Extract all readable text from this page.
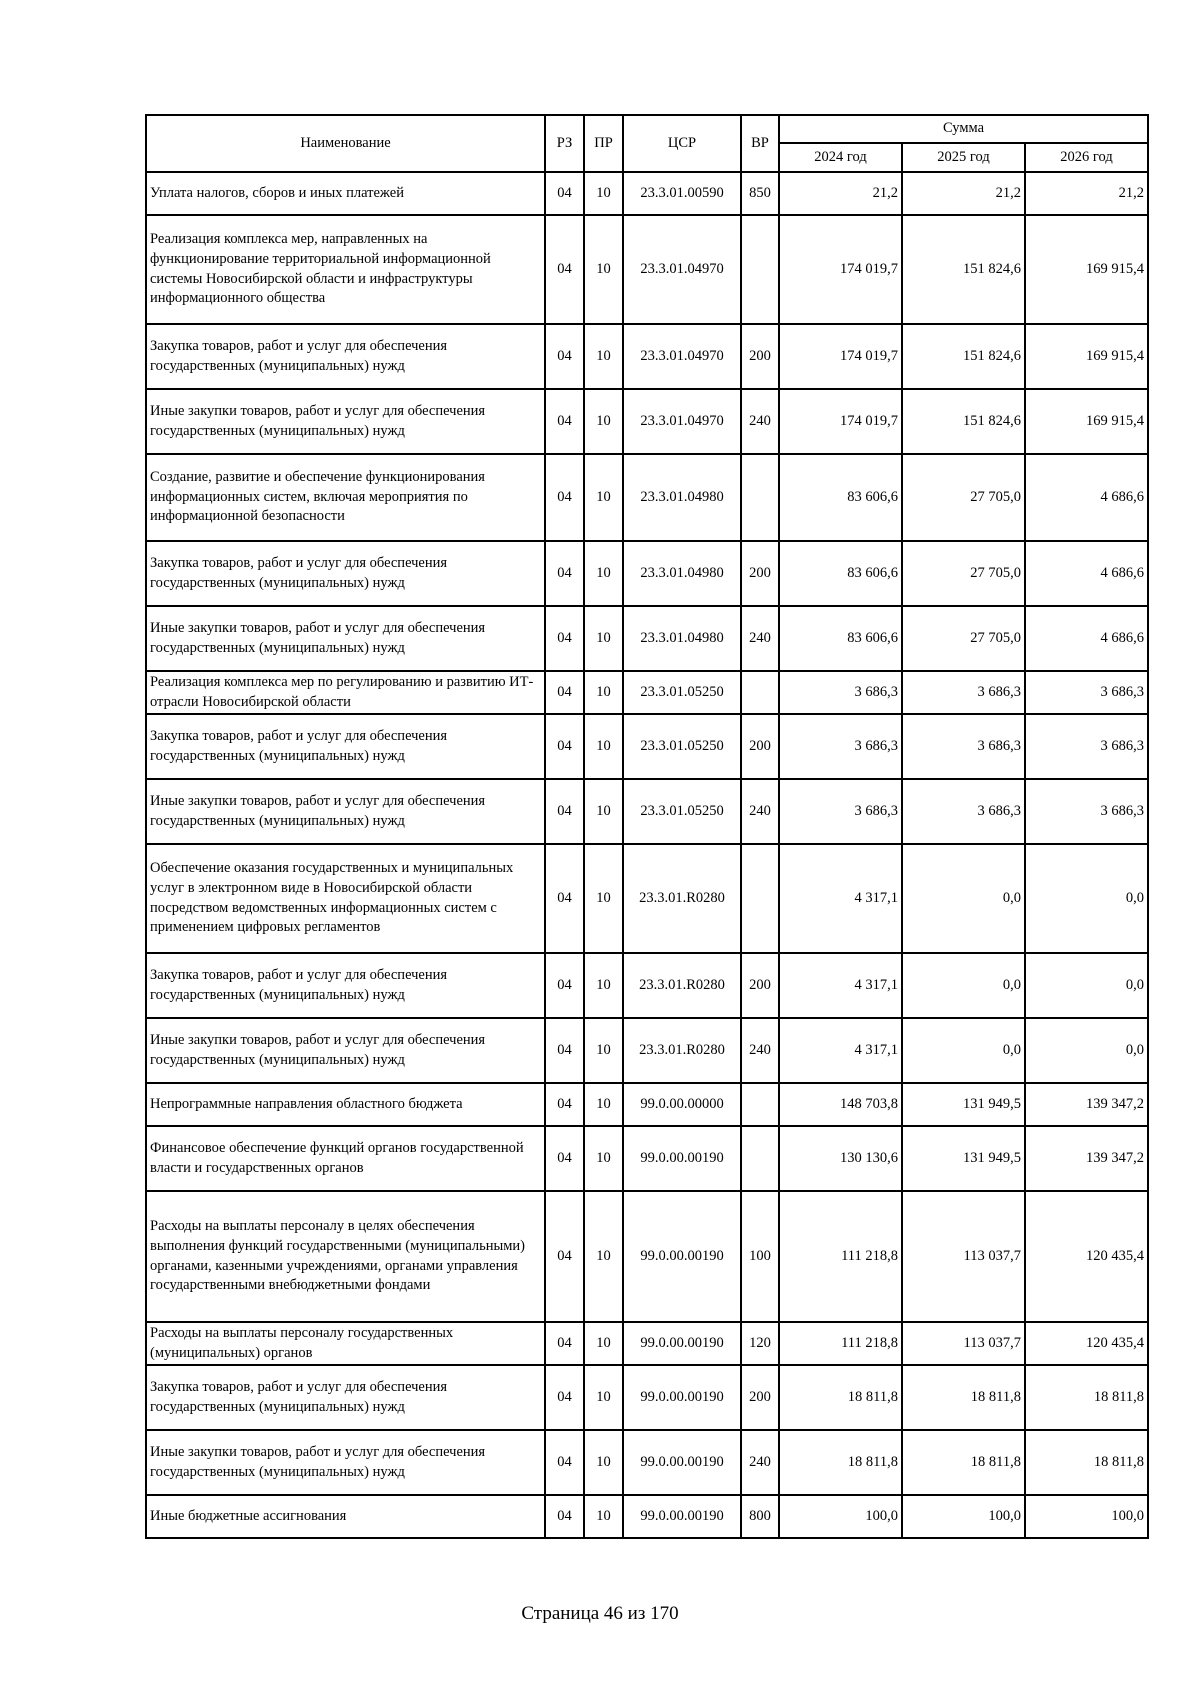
Наименование	РЗ	ПР	ЦСР	ВР	Сумма		
					2024 год	2025 год	2026 год
Уплата налогов, сборов и иных платежей	04	10	23.3.01.00590	850	21,2	21,2	21,2
Реализация комплекса мер, направленных на функционирование территориальной информационной системы Новосибирской области и инфраструктуры информационного общества	04	10	23.3.01.04970		174 019,7	151 824,6	169 915,4
Закупка товаров, работ и услуг для обеспечения государственных (муниципальных) нужд	04	10	23.3.01.04970	200	174 019,7	151 824,6	169 915,4
Иные закупки товаров, работ и услуг для обеспечения государственных (муниципальных) нужд	04	10	23.3.01.04970	240	174 019,7	151 824,6	169 915,4
Создание, развитие и обеспечение функционирования информационных систем, включая мероприятия по информационной безопасности	04	10	23.3.01.04980		83 606,6	27 705,0	4 686,6
Закупка товаров, работ и услуг для обеспечения государственных (муниципальных) нужд	04	10	23.3.01.04980	200	83 606,6	27 705,0	4 686,6
Иные закупки товаров, работ и услуг для обеспечения государственных (муниципальных) нужд	04	10	23.3.01.04980	240	83 606,6	27 705,0	4 686,6
Реализация комплекса мер по регулированию и развитию ИТ-отрасли Новосибирской области	04	10	23.3.01.05250		3 686,3	3 686,3	3 686,3
Закупка товаров, работ и услуг для обеспечения государственных (муниципальных) нужд	04	10	23.3.01.05250	200	3 686,3	3 686,3	3 686,3
Иные закупки товаров, работ и услуг для обеспечения государственных (муниципальных) нужд	04	10	23.3.01.05250	240	3 686,3	3 686,3	3 686,3
Обеспечение оказания государственных и муниципальных услуг в электронном виде в Новосибирской области посредством ведомственных информационных систем с применением цифровых регламентов	04	10	23.3.01.R0280		4 317,1	0,0	0,0
Закупка товаров, работ и услуг для обеспечения государственных (муниципальных) нужд	04	10	23.3.01.R0280	200	4 317,1	0,0	0,0
Иные закупки товаров, работ и услуг для обеспечения государственных (муниципальных) нужд	04	10	23.3.01.R0280	240	4 317,1	0,0	0,0
Непрограммные направления областного бюджета	04	10	99.0.00.00000		148 703,8	131 949,5	139 347,2
Финансовое обеспечение функций органов государственной власти и государственных органов	04	10	99.0.00.00190		130 130,6	131 949,5	139 347,2
Расходы на выплаты персоналу в целях обеспечения выполнения функций государственными (муниципальными) органами, казенными учреждениями, органами управления государственными внебюджетными фондами	04	10	99.0.00.00190	100	111 218,8	113 037,7	120 435,4
Расходы на выплаты персоналу государственных (муниципальных) органов	04	10	99.0.00.00190	120	111 218,8	113 037,7	120 435,4
Закупка товаров, работ и услуг для обеспечения государственных (муниципальных) нужд	04	10	99.0.00.00190	200	18 811,8	18 811,8	18 811,8
Иные закупки товаров, работ и услуг для обеспечения государственных (муниципальных) нужд	04	10	99.0.00.00190	240	18 811,8	18 811,8	18 811,8
Иные бюджетные ассигнования	04	10	99.0.00.00190	800	100,0	100,0	100,0
Страница 46 из 170
